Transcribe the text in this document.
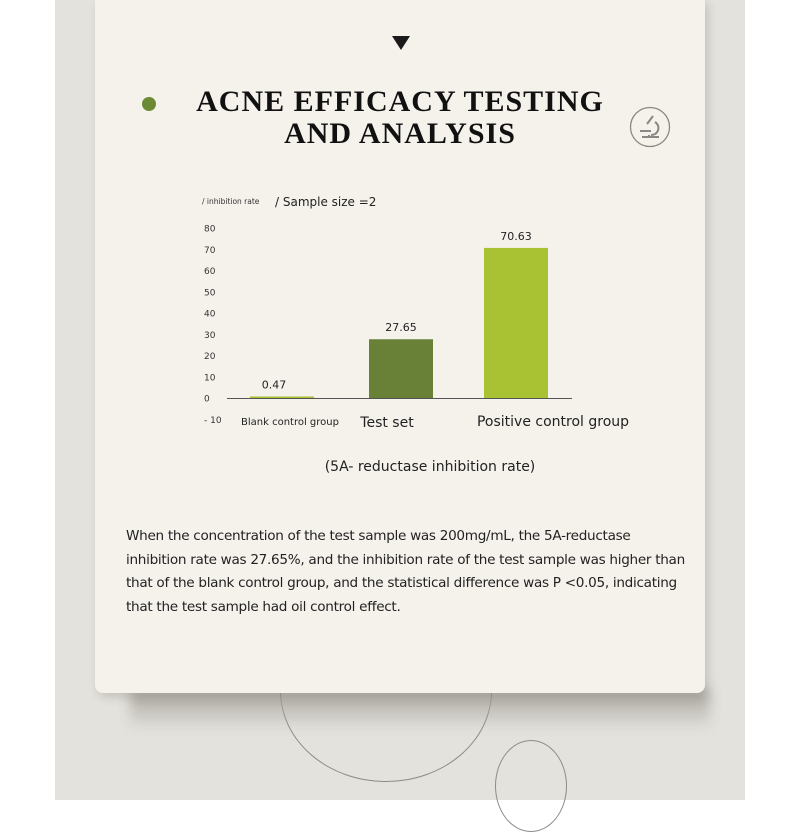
ACNE EFFICACY TESTING
AND ANALYSIS
/ inhibition rate / Sample size =2
80
70
60
50
40
30
20
10
0
- 10
0.47
Blank control group
27.65
Test set
70.63
Positive control group
(5A- reductase inhibition rate)
When the concentration of the test sample was 200mg/mL, the 5A-reductase inhibition rate was 27.65%, and the inhibition rate of the test sample was higher than that of the blank control group, and the statistical difference was P <0.05, indicating that the test sample had oil control effect.
